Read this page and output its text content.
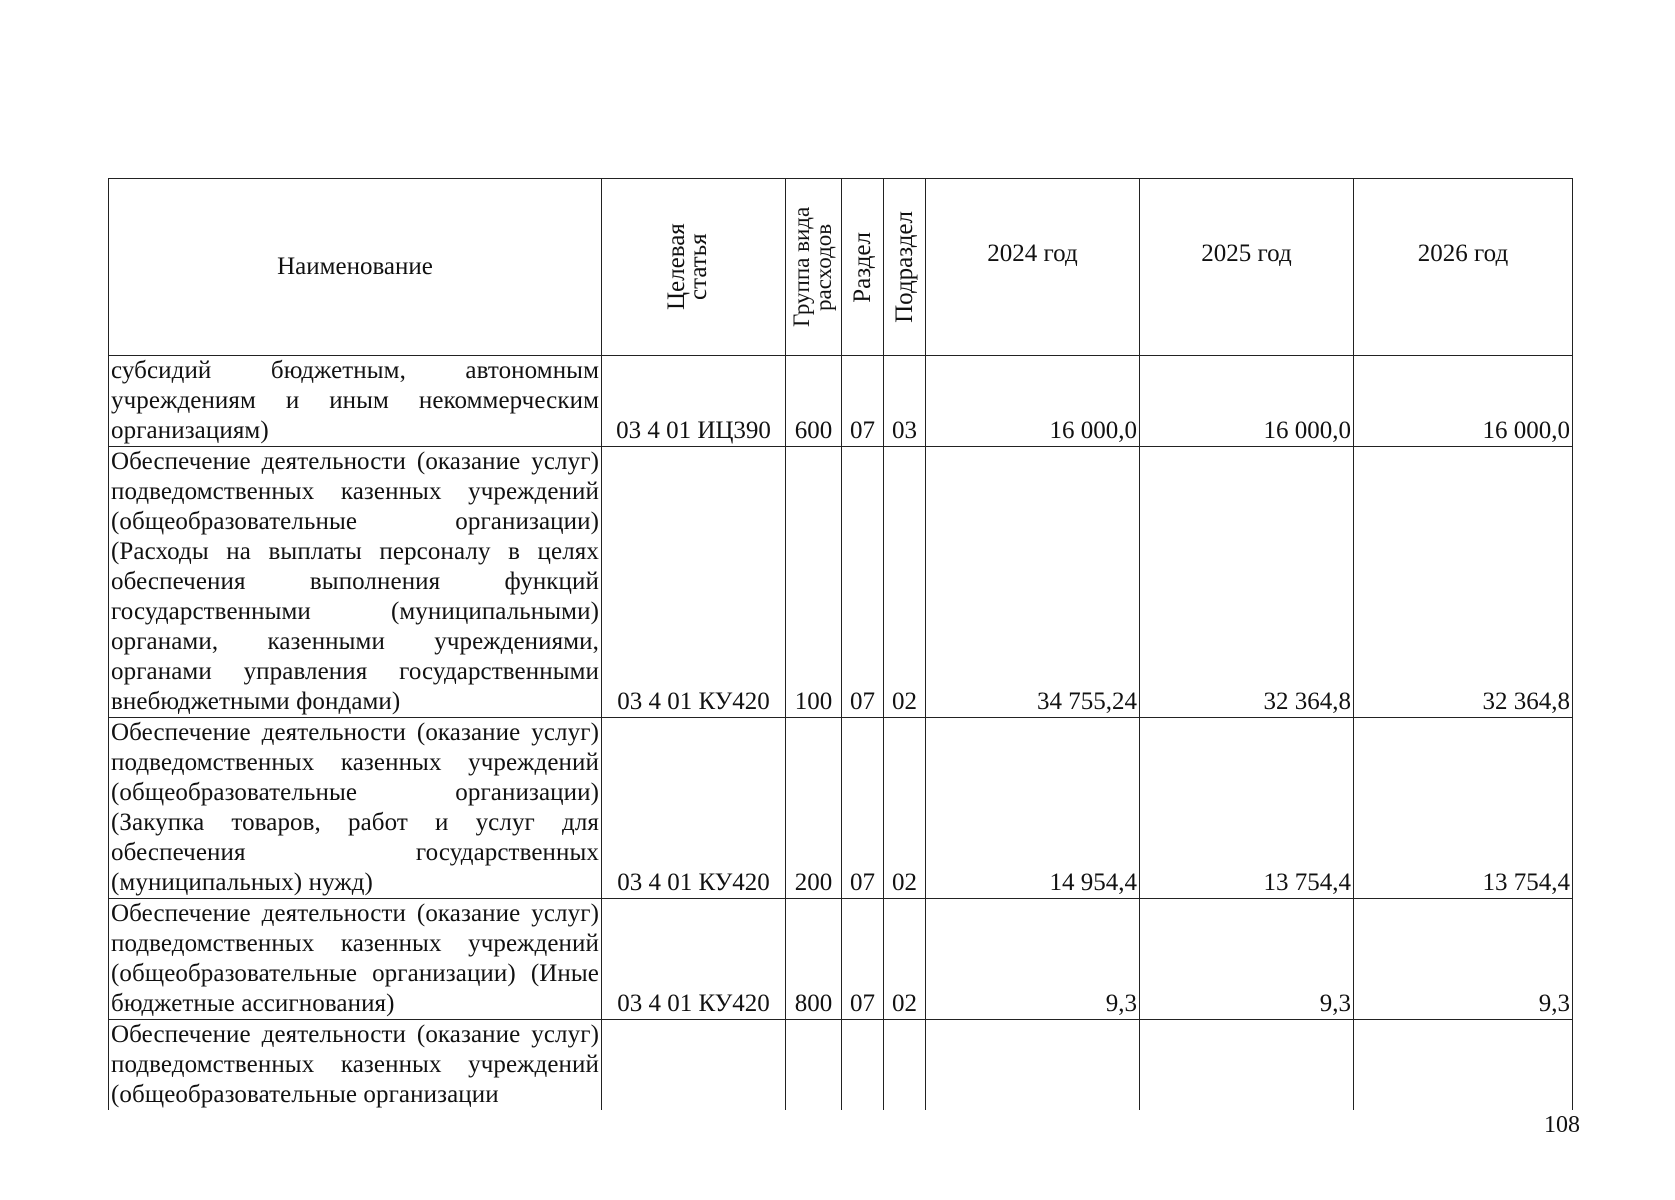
Наименование	Целевая статья	Группа вида расходов	Раздел	Подраздел	2024 год	2025 год	2026 год
субсидий бюджетным, автономным учреждениям и иным некоммерческим организациям)	03 4 01 ИЦ390	600	07	03	16 000,0	16 000,0	16 000,0
Обеспечение деятельности (оказание услуг) подведомственных казенных учреждений (общеобразовательные организации) (Расходы на выплаты персоналу в целях обеспечения выполнения функций государственными (муниципальными) органами, казенными учреждениями, органами управления государственными внебюджетными фондами)	03 4 01 КУ420	100	07	02	34 755,24	32 364,8	32 364,8
Обеспечение деятельности (оказание услуг) подведомственных казенных учреждений (общеобразовательные организации) (Закупка товаров, работ и услуг для обеспечения государственных (муниципальных) нужд)	03 4 01 КУ420	200	07	02	14 954,4	13 754,4	13 754,4
Обеспечение деятельности (оказание услуг) подведомственных казенных учреждений (общеобразовательные организации) (Иные бюджетные ассигнования)	03 4 01 КУ420	800	07	02	9,3	9,3	9,3
Обеспечение деятельности (оказание услуг) подведомственных казенных учреждений (общеобразовательные организации							
108
